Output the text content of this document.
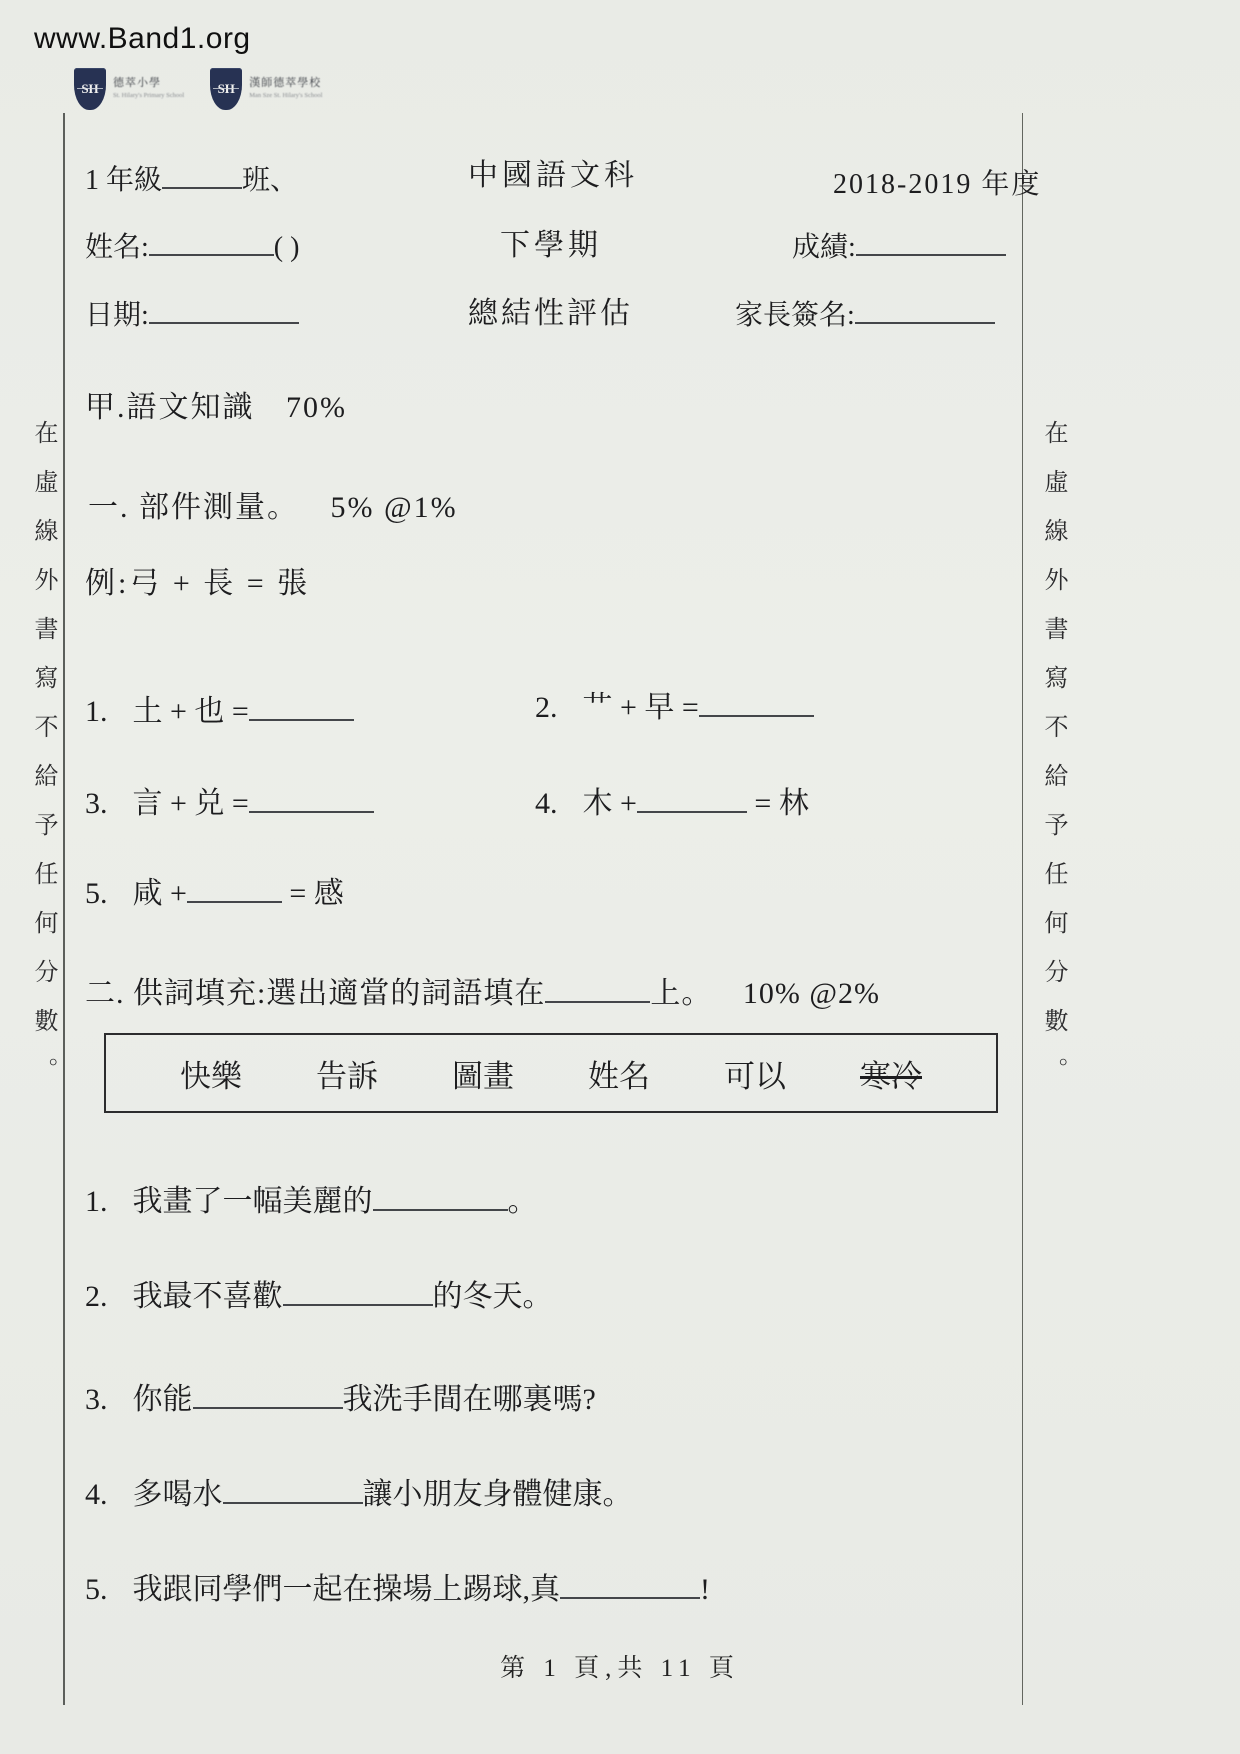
www.Band1.org
SH 德萃小學
St. Hilary's Primary School	SH 漢師德萃學校
Man Sze St. Hilary's School
在虛線外書寫不給予任何分數。	在虛線外書寫不給予任何分數。
1 年級	班、	中國語文科	2018-2019 年度
姓名:	( )	下學期	成績:
日期:	總結性評估	家長簽名:
甲.語文知識 70%
一. 部件測量。 5% @1%
例:弓 + 長 = 張
1. 土 + 也 =	2. 艹 + 早 =
3. 言 + 兑 =	4. 木 +	= 林
5. 咸 +	= 感
二. 供詞填充:選出適當的詞語填在	上。 10% @2%
快樂 告訴 圖畫 姓名 可以 寒冷
1. 我畫了一幅美麗的	。
2. 我最不喜歡	的冬天。
3. 你能	我洗手間在哪裏嗎?
4. 多喝水	讓小朋友身體健康。
5. 我跟同學們一起在操場上踢球,真	!
第 1 頁,共 11 頁
